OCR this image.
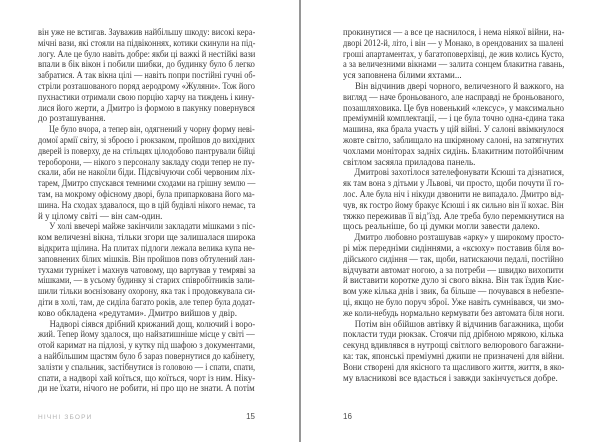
він уже не встигав. Зауважив найбільшу шкоду: високі кера-
мічні вази, які стояли на підвіконнях, котики скинули на під-
логу. Але це було навіть добре: якби ці важкі й нестійкі вази
впали в бік вікон і побили шибки, до будинку було б легко
забратися. А так вікна цілі — навіть попри постійні гучні об-
стріли розташованого поряд аеродрому «Жуляни». Тож його
пухнастики отримали свою порцію харчу на тиждень і кину-
лися його жерти, а Дмитро із формою в пакунку повернувся
до розташування.
Це було вчора, а тепер він, одягнений у чорну форму неві-
домої армії світу, зі зброєю і рюкзаком, пройшов до вихідних
дверей із поверху, де на стільцях цілодобово пантрували бійці
тероборони, — нікого з персоналу закладу сюди тепер не пу-
скали, аби не накоїли біди. Підсвічуючи собі червоним ліх-
тарем, Дмитро спускався темними сходами на грішну землю —
там, на мокрому офісному дворі, була припаркована його ма-
шина. На сходах здавалося, що в цій будівлі нікого немає, та
й у цілому світі — він сам-один.
У холі ввечері майже закінчили закладати мішками з піс-
ком величезні вікна, тільки згори ще залишалася широка
відкрита щілина. На плитах підлоги лежала велика купа не-
заповнених білих мішків. Він пройшов повз обтулений лан-
тухами турнікет і махнув чатовому, що вартував у темряві за
мішками, — в усьому будинку зі старих співробітників зали-
шили тільки воєнізовану охорону, яка так і продовжувала си-
діти в холі, там, де сиділа багато років, але тепер була додат-
ково обкладена «редутами». Дмитро вийшов у двір.
Надворі сіявся дрібний крижаний дощ, колючий і воро-
жий. Тепер йому здалося, що найзатишніше місце у світі —
отой каримат на підлозі, у кутку під шафою з документами,
а найбільшим щастям було б зараз повернутися до кабінету,
залізти у спальник, застібнутися із головою — і спати, спати,
спати, а надворі хай коїться, що коїться, чорт із ним. Ніку-
ди не їхати, нічого не робити, ні про що не знати. А потім
НІЧНІ ЗБОРИ	15
прокинутися — а все це наснилося, і нема ніякої війни, на-
дворі 2012-й, літо, і він — у Монако, в орендованих за шалені
гроші апартаментах, у багатоповерхівці, де жив колись Кусто,
а за величезними вікнами — залита сонцем блакитна гавань,
уся заповнена білими яхтами...
Він відчинив двері чорного, величезного й важкого, на
вигляд — наче броньованого, але насправді не броньованого,
позашляховика. Це був новенький «лексус», у максимально
преміумній комплектації, — і це була точно одна-єдина така
машина, яка брала участь у цій війні. У салоні ввімкнулося
жовте світло, заблищало на шкіряному салоні, на затягнутих
чохлами моніторах задніх сидінь. Блакитним потойбічним
світлом засяяла приладова панель.
Дмитрові захотілося зателефонувати Ксюші та дізнатися,
як там вона з дітьми у Львові, чи просто, щоби почути її го-
лос. Але була ніч і нікуди дзвонити не випадало. Дмитро від-
чув, як гостро йому бракує Ксюші і як сильно він її кохає. Він
тяжко переживав її від’їзд. Але треба було перемкнутися на
щось реальніше, бо ці думки могли завести далеко.
Дмитро любовно розташував «арку» у широкому просто-
рі між передніми сидіннями, а «ксюху» поставив біля во-
дійського сидіння — так, щоби, натискаючи педалі, постійно
відчувати автомат ногою, а за потреби — швидко вихопити
й виставити коротке дуло зі свого вікна. Він так їздив Киє-
вом уже кілька днів і звик, ба більше — почувався в небезпе-
ці, якщо не було поруч зброї. Уже навіть сумнівався, чи змо-
же коли-небудь нормально кермувати без автомата біля ноги.
Потім він обійшов автівку й відчинив багажника, щоби
покласти туди рюкзак. Стоячи під дрібною мрякою, кілька
секунд вдивлявся в нутрощі світлого велюрового багажни-
ка: так, японські преміумні джипи не призначені для війни.
Вони створені для якісного та щасливого життя, життя, в яко-
му власникові все вдасться і завжди закінчується добре.
16
